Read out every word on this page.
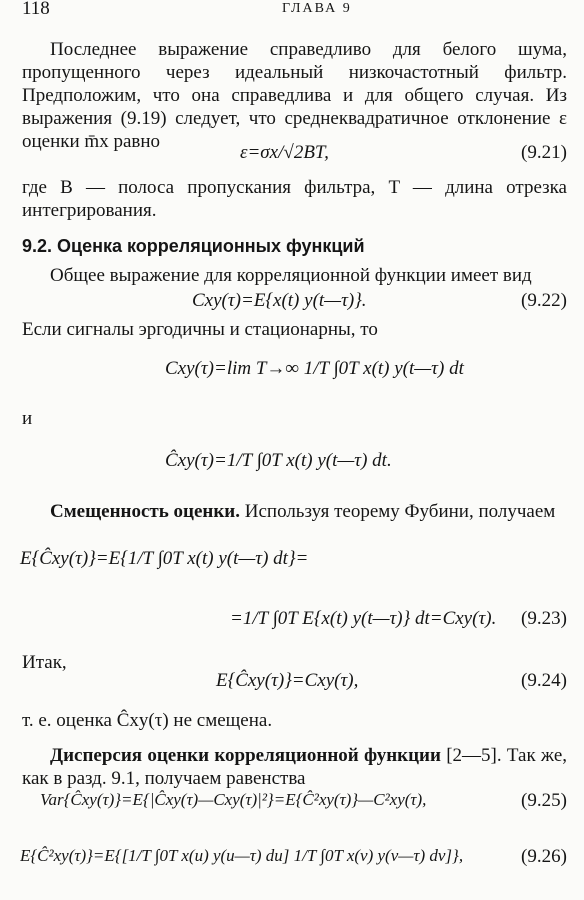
118	ГЛАВА 9
Последнее выражение справедливо для белого шума, пропущенного через идеальный низкочастотный фильтр. Предположим, что она справедлива и для общего случая. Из выражения (9.19) следует, что среднеквадратичное отклонение ε оценки m̄x равно
ε=σx/√2BT,	(9.21)
где B — полоса пропускания фильтра, T — длина отрезка интегрирования.
9.2. Оценка корреляционных функций
Общее выражение для корреляционной функции имеет вид
Cxy(τ)=E{x(t) y(t—τ)}.	(9.22)
Если сигналы эргодичны и стационарны, то
Cxy(τ)=lim T→∞ 1/T ∫0T x(t) y(t—τ) dt
и
Ĉxy(τ)=1/T ∫0T x(t) y(t—τ) dt.
Смещенность оценки. Используя теорему Фубини, получаем
E{Ĉxy(τ)}=E{1/T ∫0T x(t) y(t—τ) dt}=
=1/T ∫0T E{x(t) y(t—τ)} dt=Cxy(τ). (9.23)
Итак,
E{Ĉxy(τ)}=Cxy(τ),	(9.24)
т. е. оценка Ĉxy(τ) не смещена.
Дисперсия оценки корреляционной функции [2—5]. Так же, как в разд. 9.1, получаем равенства
Var{Ĉxy(τ)}=E{|Ĉxy(τ)—Cxy(τ)|²}=E{Ĉ²xy(τ)}—C²xy(τ),	(9.25)
E{Ĉ²xy(τ)}=E{[1/T ∫0T x(u) y(u—τ) du] 1/T ∫0T x(v) y(v—τ) dv]},	(9.26)
